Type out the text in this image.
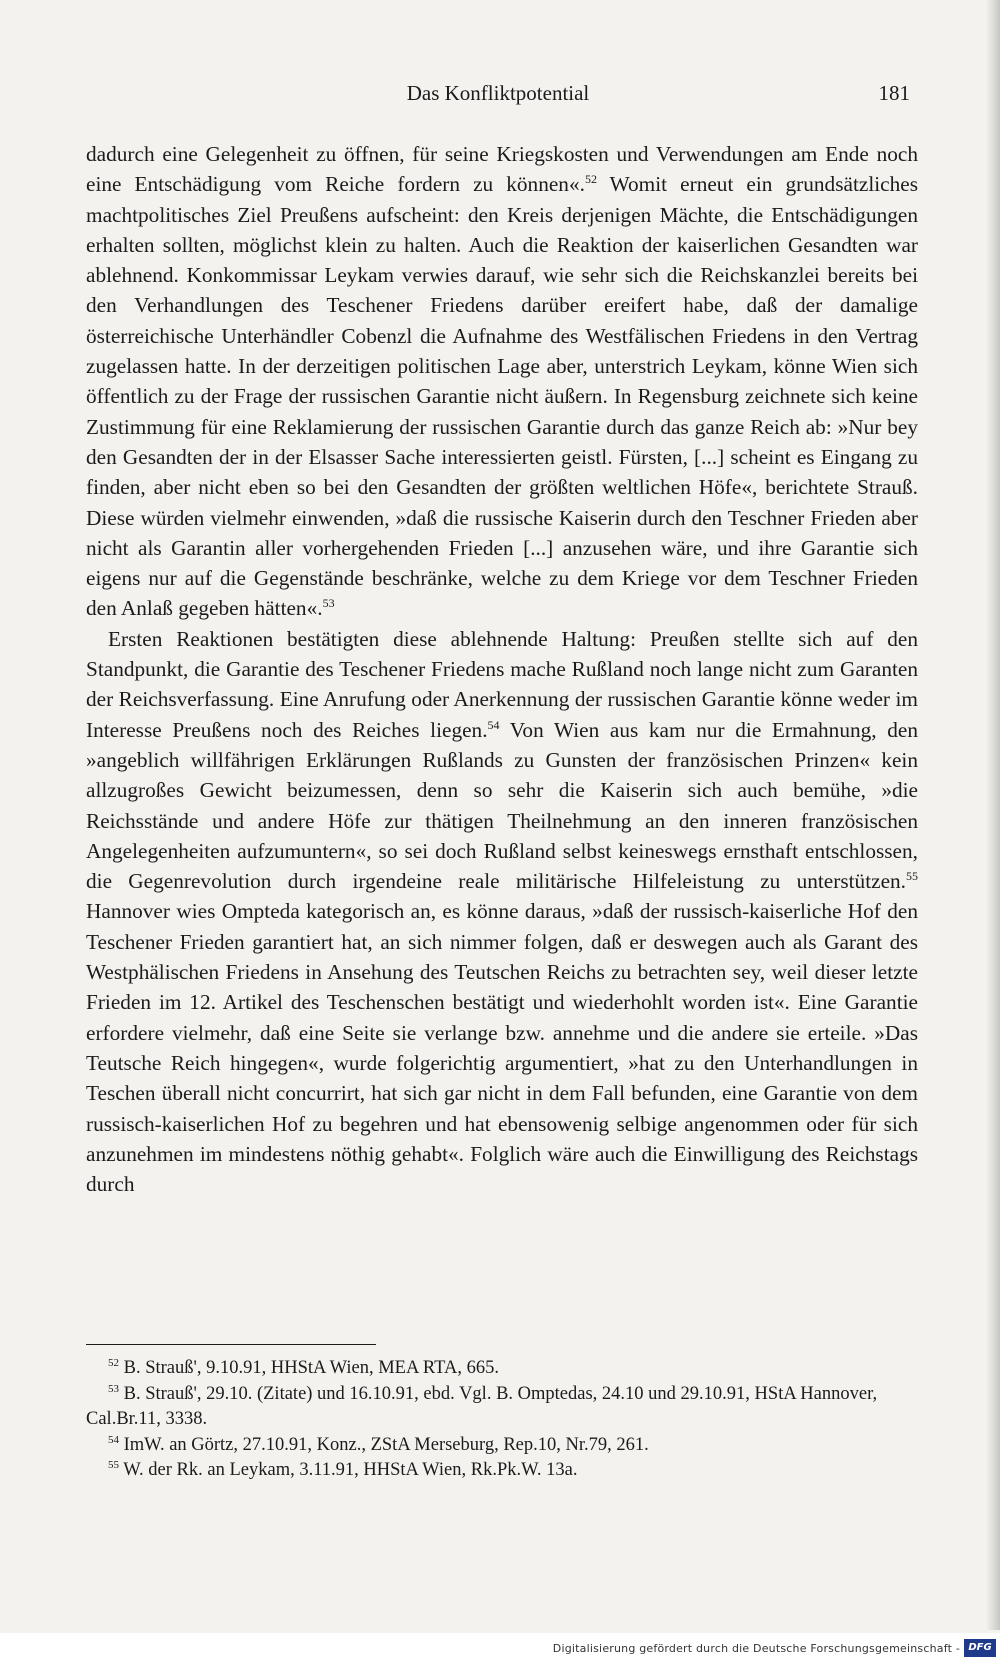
Das Konfliktpotential	181

dadurch eine Gelegenheit zu öffnen, für seine Kriegskosten und Verwendungen am Ende noch eine Entschädigung vom Reiche fordern zu können«.$^{52}$ Womit erneut ein grundsätzliches machtpolitisches Ziel Preußens aufscheint: den Kreis derjenigen Mächte, die Entschädigungen erhalten sollten, möglichst klein zu halten. Auch die Reaktion der kaiserlichen Gesandten war ablehnend. Konkommissar Leykam verwies darauf, wie sehr sich die Reichskanzlei bereits bei den Verhandlungen des Teschener Friedens darüber ereifert habe, daß der damalige österreichische Unterhändler Cobenzl die Aufnahme des Westfälischen Friedens in den Vertrag zugelassen hatte. In der derzeitigen politischen Lage aber, unterstrich Leykam, könne Wien sich öffentlich zu der Frage der russischen Garantie nicht äußern. In Regensburg zeichnete sich keine Zustimmung für eine Reklamierung der russischen Garantie durch das ganze Reich ab: »Nur bey den Gesandten der in der Elsasser Sache interessierten geistl. Fürsten, [...] scheint es Eingang zu finden, aber nicht eben so bei den Gesandten der größten weltlichen Höfe«, berichtete Strauß. Diese würden vielmehr einwenden, »daß die russische Kaiserin durch den Teschner Frieden aber nicht als Garantin aller vorhergehenden Frieden [...] anzusehen wäre, und ihre Garantie sich eigens nur auf die Gegenstände beschränke, welche zu dem Kriege vor dem Teschner Frieden den Anlaß gegeben hätten«.$^{53}$

Ersten Reaktionen bestätigten diese ablehnende Haltung: Preußen stellte sich auf den Standpunkt, die Garantie des Teschener Friedens mache Rußland noch lange nicht zum Garanten der Reichsverfassung. Eine Anrufung oder Anerkennung der russischen Garantie könne weder im Interesse Preußens noch des Reiches liegen.$^{54}$ Von Wien aus kam nur die Ermahnung, den »angeblich willfährigen Erklärungen Rußlands zu Gunsten der französischen Prinzen« kein allzugroßes Gewicht beizumessen, denn so sehr die Kaiserin sich auch bemühe, »die Reichsstände und andere Höfe zur thätigen Theilnehmung an den inneren französischen Angelegenheiten aufzumuntern«, so sei doch Rußland selbst keineswegs ernsthaft entschlossen, die Gegenrevolution durch irgendeine reale militärische Hilfeleistung zu unterstützen.$^{55}$ Hannover wies Ompteda kategorisch an, es könne daraus, »daß der russisch-kaiserliche Hof den Teschener Frieden garantiert hat, an sich nimmer folgen, daß er deswegen auch als Garant des Westphälischen Friedens in Ansehung des Teutschen Reichs zu betrachten sey, weil dieser letzte Frieden im 12. Artikel des Teschenschen bestätigt und wiederhohlt worden ist«. Eine Garantie erfordere vielmehr, daß eine Seite sie verlange bzw. annehme und die andere sie erteile. »Das Teutsche Reich hingegen«, wurde folgerichtig argumentiert, »hat zu den Unterhandlungen in Teschen überall nicht concurrirt, hat sich gar nicht in dem Fall befunden, eine Garantie von dem russisch-kaiserlichen Hof zu begehren und hat ebensowenig selbige angenommen oder für sich anzunehmen im mindestens nöthig gehabt«. Folglich wäre auch die Einwilligung des Reichstags durch

$^{52}$ B. Strauß', 9.10.91, HHStA Wien, MEA RTA, 665.

$^{53}$ B. Strauß', 29.10. (Zitate) und 16.10.91, ebd. Vgl. B. Omptedas, 24.10 und 29.10.91, HStA Hannover, Cal.Br.11, 3338.

$^{54}$ ImW. an Görtz, 27.10.91, Konz., ZStA Merseburg, Rep.10, Nr.79, 261.

$^{55}$ W. der Rk. an Leykam, 3.11.91, HHStA Wien, Rk.Pk.W. 13a.

Digitalisierung gefördert durch die Deutsche Forschungsgemeinschaft - DFG
